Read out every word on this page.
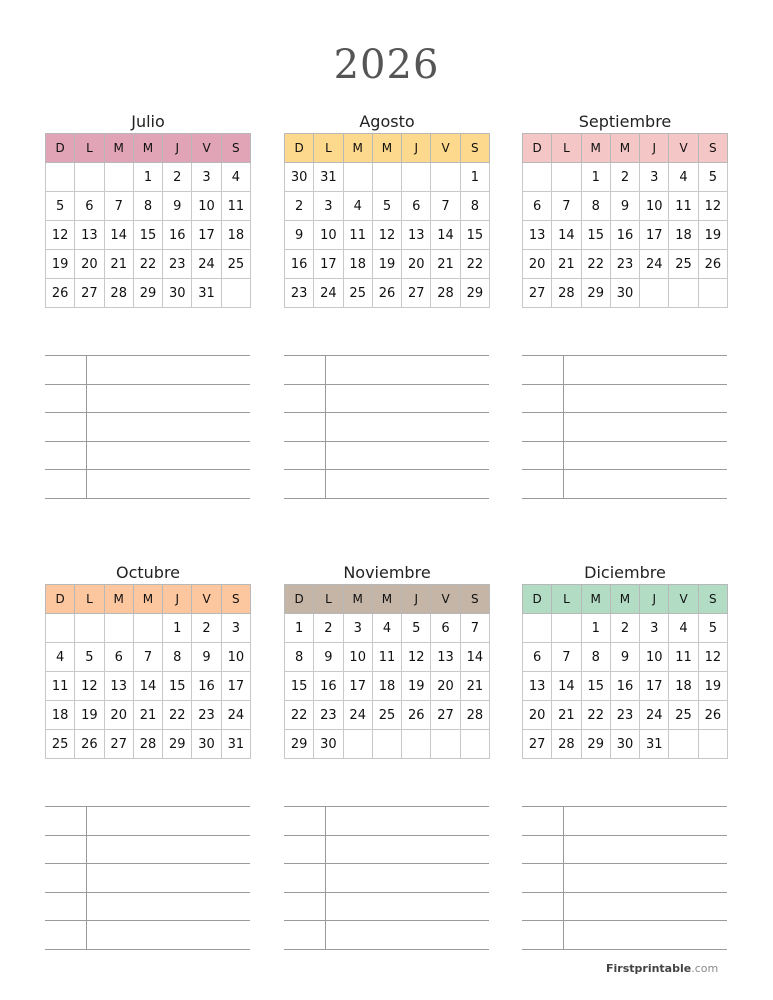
2026
Julio
D	L	M	M	J	V	S
			1	2	3	4
5	6	7	8	9	10	11
12	13	14	15	16	17	18
19	20	21	22	23	24	25
26	27	28	29	30	31	
Agosto
D	L	M	M	J	V	S
30	31					1
2	3	4	5	6	7	8
9	10	11	12	13	14	15
16	17	18	19	20	21	22
23	24	25	26	27	28	29
Septiembre
D	L	M	M	J	V	S
		1	2	3	4	5
6	7	8	9	10	11	12
13	14	15	16	17	18	19
20	21	22	23	24	25	26
27	28	29	30			
Octubre
D	L	M	M	J	V	S
				1	2	3
4	5	6	7	8	9	10
11	12	13	14	15	16	17
18	19	20	21	22	23	24
25	26	27	28	29	30	31
Noviembre
D	L	M	M	J	V	S
1	2	3	4	5	6	7
8	9	10	11	12	13	14
15	16	17	18	19	20	21
22	23	24	25	26	27	28
29	30					
Diciembre
D	L	M	M	J	V	S
		1	2	3	4	5
6	7	8	9	10	11	12
13	14	15	16	17	18	19
20	21	22	23	24	25	26
27	28	29	30	31		
Firstprintable.com
